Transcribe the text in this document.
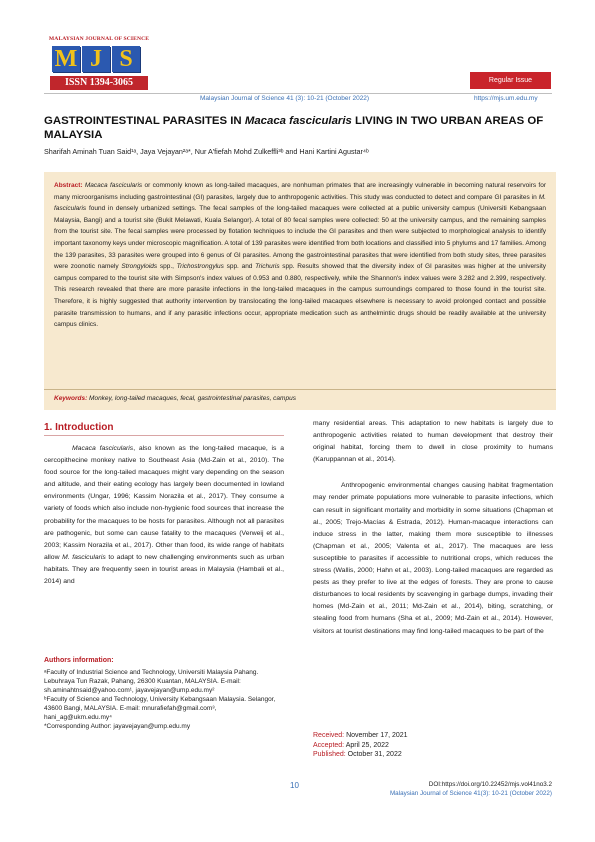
MALAYSIAN JOURNAL OF SCIENCE
M J S
ISSN 1394-3065	Regular Issue
Malaysian Journal of Science 41 (3): 10-21 (October 2022)	https://mjs.um.edu.my
GASTROINTESTINAL PARASITES IN Macaca fascicularis LIVING IN TWO URBAN AREAS OF MALAYSIA
Sharifah Aminah Tuan Said¹ᵃ, Jaya Vejayan²ᵃ*, Nur A'fiefah Mohd Zulkeffli³ᵇ and Hani Kartini Agustar⁴ᵇ
Abstract: Macaca fascicularis or commonly known as long-tailed macaques, are nonhuman primates that are increasingly vulnerable in becoming natural reservoirs for many microorganisms including gastrointestinal (GI) parasites, largely due to anthropogenic activities. This study was conducted to detect and compare GI parasites in M. fascicularis found in densely urbanized settings. The fecal samples of the long-tailed macaques were collected at a public university campus (Universiti Kebangsaan Malaysia, Bangi) and a tourist site (Bukit Melawati, Kuala Selangor). A total of 80 fecal samples were collected: 50 at the university campus, and the remaining samples from the tourist site. The fecal samples were processed by flotation techniques to include the GI parasites and then were subjected to morphological analysis to identify important taxonomy keys under microscopic magnification. A total of 139 parasites were identified from both locations and classified into 5 phylums and 17 families. Among the 139 parasites, 33 parasites were grouped into 6 genus of GI parasites. Among the gastrointestinal parasites that were identified from both study sites, three parasites were zoonotic namely Strongyloids spp., Trichostrongylus spp. and Trichuris spp. Results showed that the diversity index of GI parasites was higher at the university campus compared to the tourist site with Simpson's index values of 0.953 and 0.880, respectively, while the Shannon's index values were 3.282 and 2.399, respectively. This research revealed that there are more parasite infections in the long-tailed macaques in the campus surroundings compared to those found in the tourist site. Therefore, it is highly suggested that authority intervention by translocating the long-tailed macaques elsewhere is necessary to avoid prolonged contact and possible parasite transmission to humans, and if any parasitic infections occur, appropriate medication such as anthelmintic drugs should be readily available at the university campus clinics.
Keywords: Monkey, long-tailed macaques, fecal, gastrointestinal parasites, campus
1. Introduction

Macaca fascicularis, also known as the long-tailed macaque, is a cercopithecine monkey native to Southeast Asia (Md-Zain et al., 2010). The food source for the long-tailed macaques might vary depending on the season and altitude, and their eating ecology has largely been documented in lowland environments (Ungar, 1996; Kassim Norazila et al., 2017). They consume a variety of foods which also include non-hygienic food sources that increase the probability for the macaques to be hosts for parasites. Although not all parasites are pathogenic, but some can cause fatality to the macaques (Verweij et al., 2003; Kassim Norazila et al., 2017). Other than food, its wide range of habitats allow M. fascicularis to adapt to new challenging environments such as urban habitats. They are frequently seen in tourist areas in Malaysia (Hambali et al., 2014) and

Authors information:
ᵃFaculty of Industrial Science and Technology, Universiti Malaysia Pahang. Lebuhraya Tun Razak, Pahang, 26300 Kuantan, MALAYSIA. E-mail: sh.aminahtnsaid@yahoo.com¹, jayavejayan@ump.edu.my²
ᵇFaculty of Science and Technology, University Kebangsaan Malaysia. Selangor, 43600 Bangi, MALAYSIA. E-mail: mnurafiefah@gmail.com³, hani_ag@ukm.edu.my⁴
*Corresponding Author: jayavejayan@ump.edu.my

many residential areas. This adaptation to new habitats is largely due to anthropogenic activities related to human development that destroy their original habitat, forcing them to dwell in close proximity to humans (Karuppannan et al., 2014).

Anthropogenic environmental changes causing habitat fragmentation may render primate populations more vulnerable to parasite infections, which can result in significant mortality and morbidity in some situations (Chapman et al., 2005; Trejo-Macías & Estrada, 2012). Human-macaque interactions can induce stress in the latter, making them more susceptible to illnesses (Chapman et al., 2005; Valenta et al., 2017). The macaques are less susceptible to parasites if accessible to nutritional crops, which reduces the stress (Wallis, 2000; Hahn et al., 2003). Long-tailed macaques are regarded as pests as they prefer to live at the edges of forests. They are prone to cause disturbances to local residents by scavenging in garbage dumps, invading their homes (Md-Zain et al., 2011; Md-Zain et al., 2014), biting, scratching, or stealing food from humans (Sha et al., 2009; Md-Zain et al., 2014). However, visitors at tourist destinations may find long-tailed macaques to be part of the

Received: November 17, 2021
Accepted: April 25, 2022
Published: October 31, 2022
10	DOI:https://doi.org/10.22452/mjs.vol41no3.2
Malaysian Journal of Science 41(3): 10-21 (October 2022)
